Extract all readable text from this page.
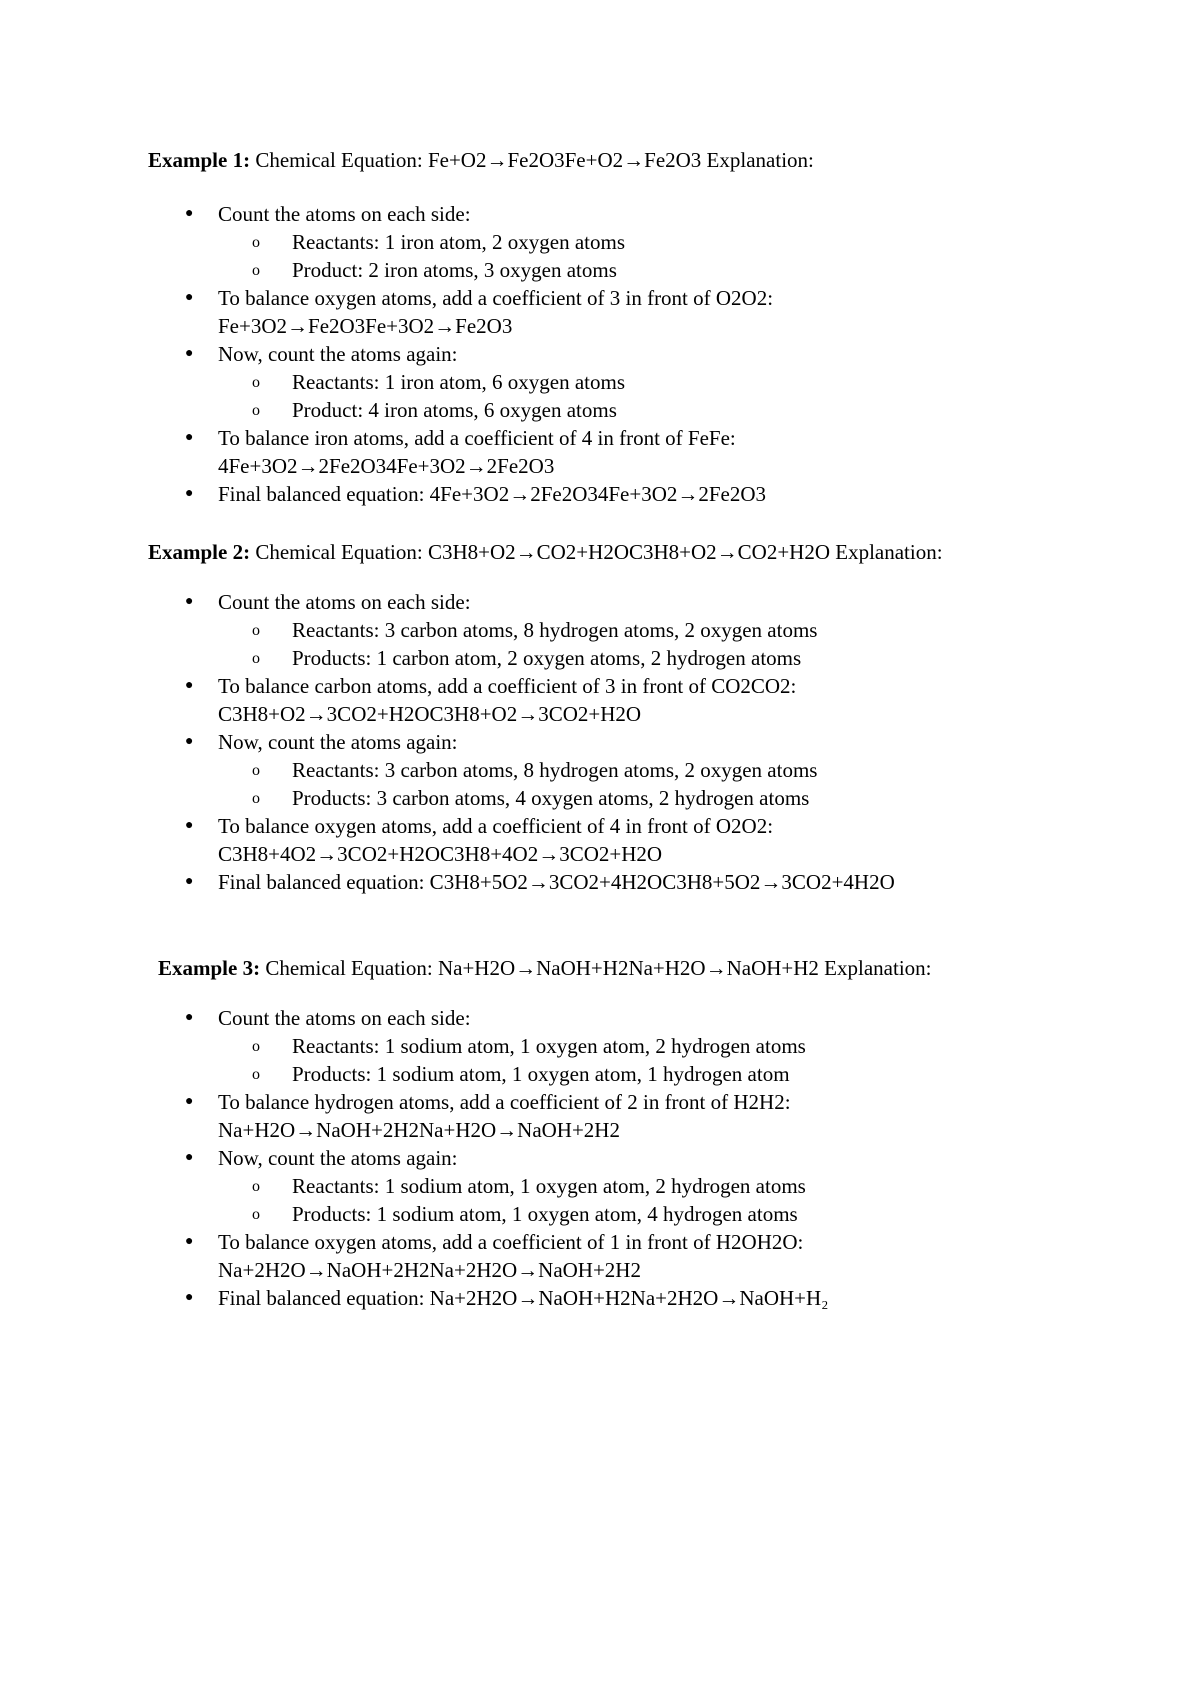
Example 1: Chemical Equation: Fe+O2→Fe2O3Fe+O2→Fe2O3 Explanation:
● Count the atoms on each side:
o Reactants: 1 iron atom, 2 oxygen atoms
o Product: 2 iron atoms, 3 oxygen atoms
● To balance oxygen atoms, add a coefficient of 3 in front of O2O2:
Fe+3O2→Fe2O3Fe+3O2→Fe2O3
● Now, count the atoms again:
o Reactants: 1 iron atom, 6 oxygen atoms
o Product: 4 iron atoms, 6 oxygen atoms
● To balance iron atoms, add a coefficient of 4 in front of FeFe:
4Fe+3O2→2Fe2O34Fe+3O2→2Fe2O3
● Final balanced equation: 4Fe+3O2→2Fe2O34Fe+3O2→2Fe2O3
Example 2: Chemical Equation: C3H8+O2→CO2+H2OC3H8+O2→CO2+H2O Explanation:
● Count the atoms on each side:
o Reactants: 3 carbon atoms, 8 hydrogen atoms, 2 oxygen atoms
o Products: 1 carbon atom, 2 oxygen atoms, 2 hydrogen atoms
● To balance carbon atoms, add a coefficient of 3 in front of CO2CO2:
C3H8+O2→3CO2+H2OC3H8+O2→3CO2+H2O
● Now, count the atoms again:
o Reactants: 3 carbon atoms, 8 hydrogen atoms, 2 oxygen atoms
o Products: 3 carbon atoms, 4 oxygen atoms, 2 hydrogen atoms
● To balance oxygen atoms, add a coefficient of 4 in front of O2O2:
C3H8+4O2→3CO2+H2OC3H8+4O2→3CO2+H2O
● Final balanced equation: C3H8+5O2→3CO2+4H2OC3H8+5O2→3CO2+4H2O
Example 3: Chemical Equation: Na+H2O→NaOH+H2Na+H2O→NaOH+H2 Explanation:
● Count the atoms on each side:
o Reactants: 1 sodium atom, 1 oxygen atom, 2 hydrogen atoms
o Products: 1 sodium atom, 1 oxygen atom, 1 hydrogen atom
● To balance hydrogen atoms, add a coefficient of 2 in front of H2H2:
Na+H2O→NaOH+2H2Na+H2O→NaOH+2H2
● Now, count the atoms again:
o Reactants: 1 sodium atom, 1 oxygen atom, 2 hydrogen atoms
o Products: 1 sodium atom, 1 oxygen atom, 4 hydrogen atoms
● To balance oxygen atoms, add a coefficient of 1 in front of H2OH2O:
Na+2H2O→NaOH+2H2Na+2H2O→NaOH+2H2
● Final balanced equation: Na+2H2O→NaOH+H2Na+2H2O→NaOH+H₂
